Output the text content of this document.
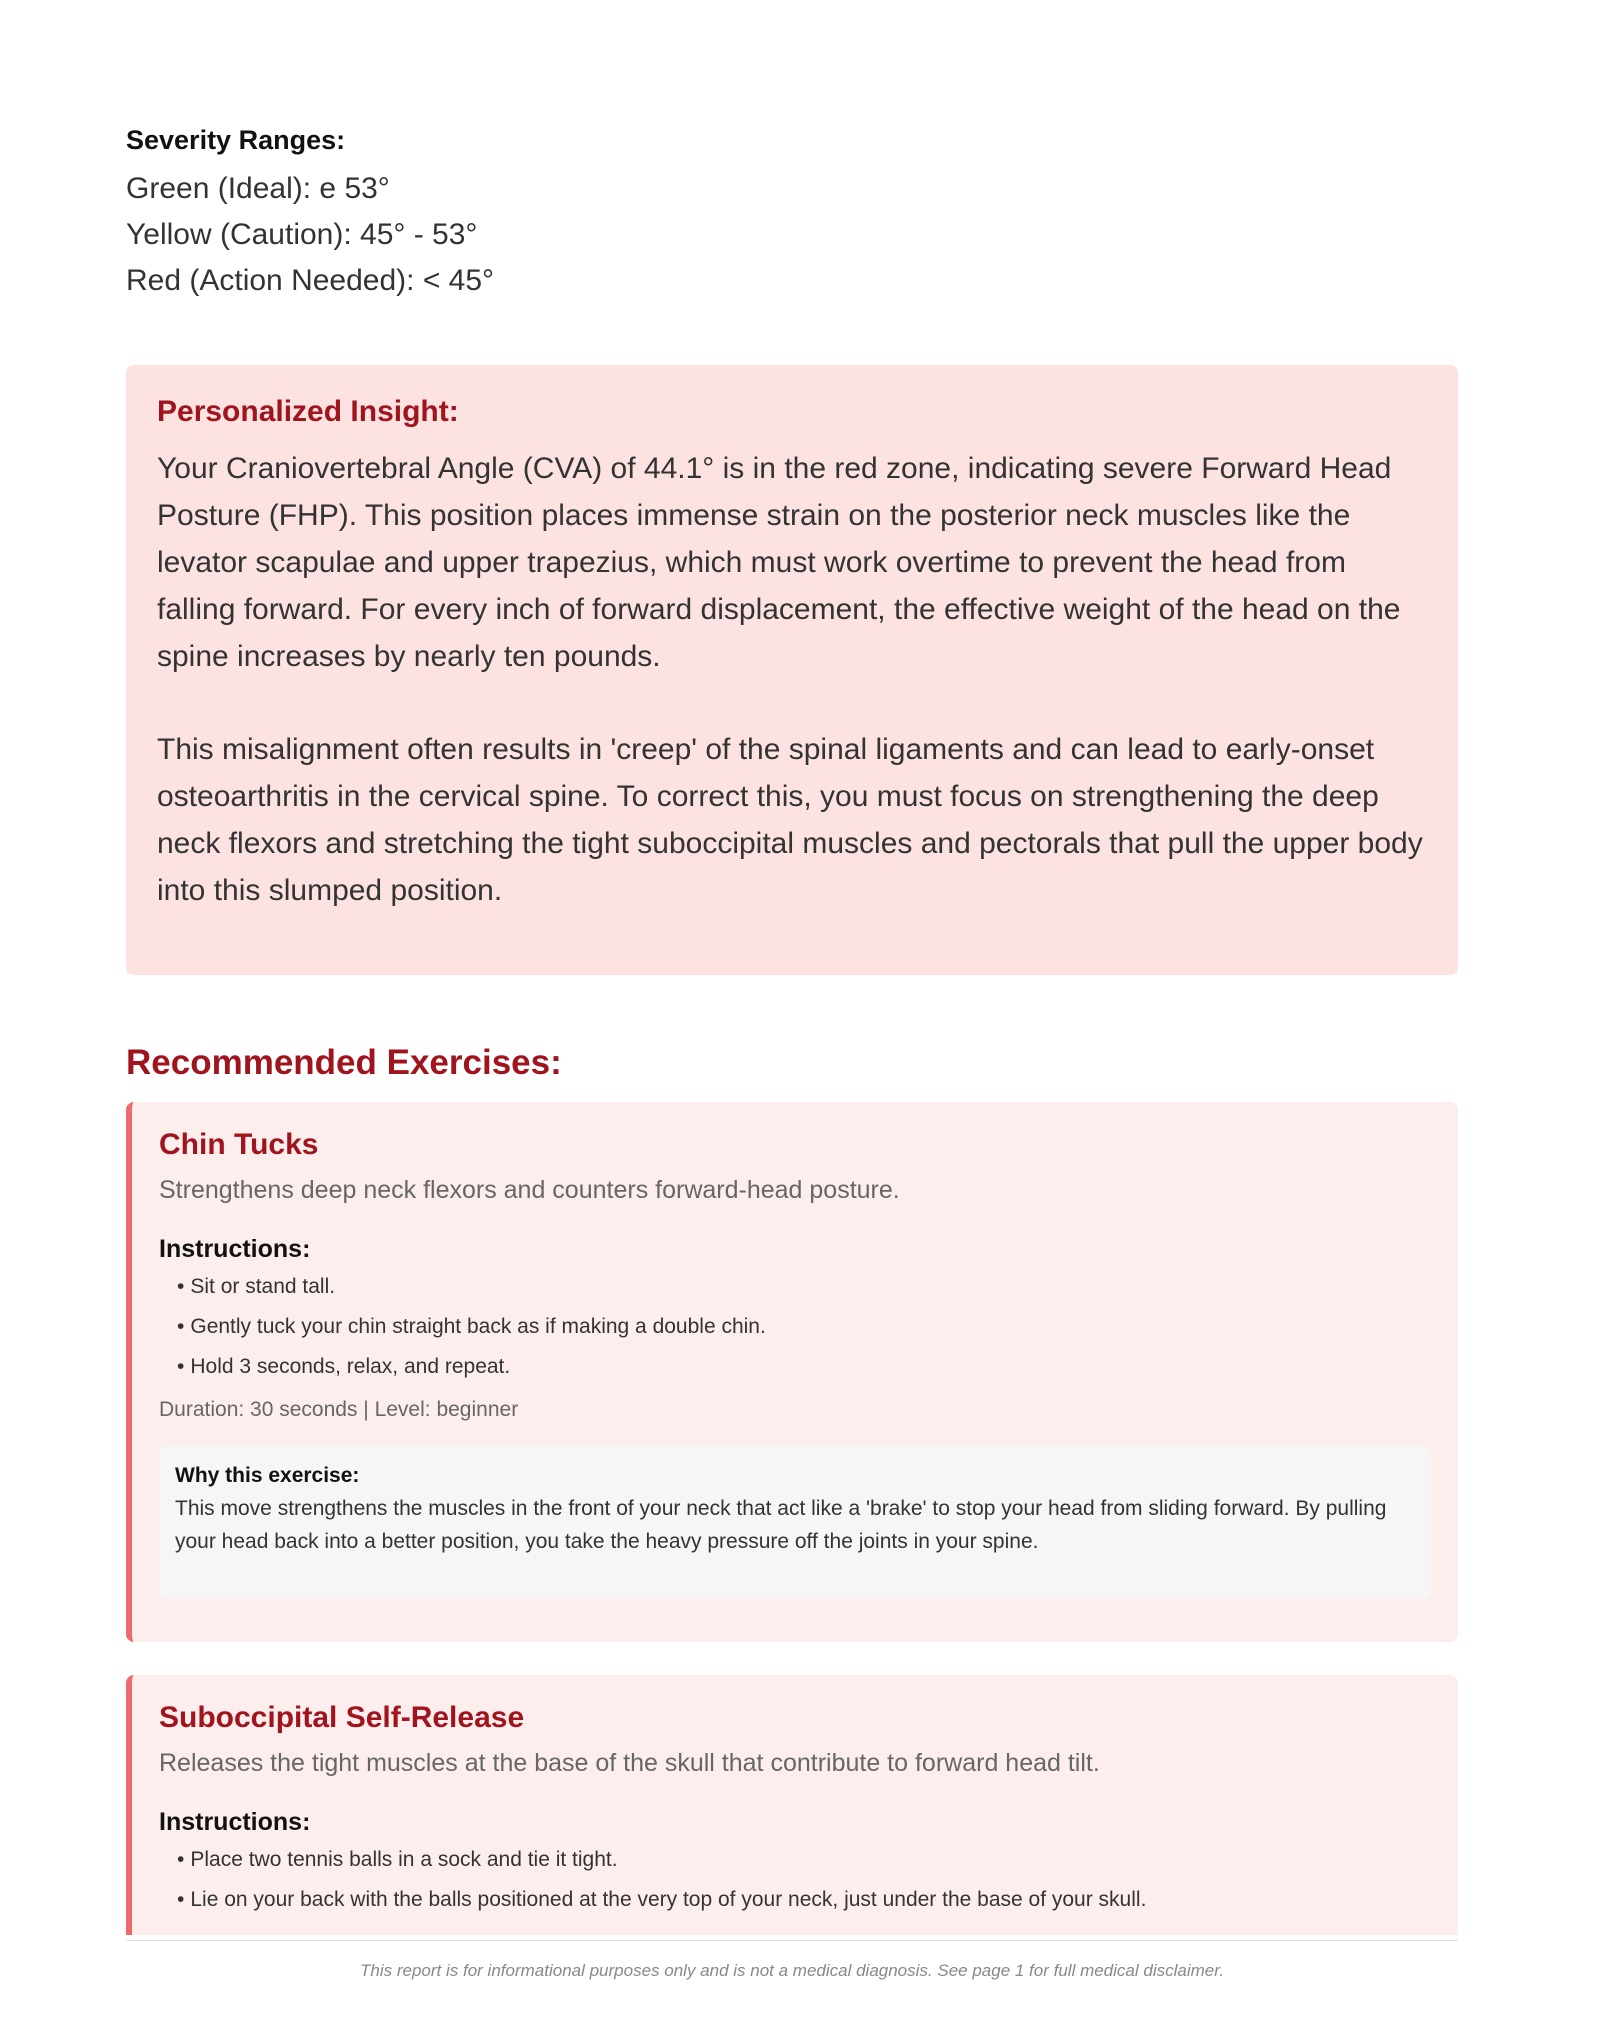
Severity Ranges:
Green (Ideal): e 53°
Yellow (Caution): 45° - 53°
Red (Action Needed): < 45°
Personalized Insight:

Your Craniovertebral Angle (CVA) of 44.1° is in the red zone, indicating severe Forward Head Posture (FHP). This position places immense strain on the posterior neck muscles like the levator scapulae and upper trapezius, which must work overtime to prevent the head from falling forward. For every inch of forward displacement, the effective weight of the head on the spine increases by nearly ten pounds.

This misalignment often results in 'creep' of the spinal ligaments and can lead to early-onset osteoarthritis in the cervical spine. To correct this, you must focus on strengthening the deep neck flexors and stretching the tight suboccipital muscles and pectorals that pull the upper body into this slumped position.

Recommended Exercises:
Chin Tucks
Strengthens deep neck flexors and counters forward-head posture.
Instructions:
• Sit or stand tall.
• Gently tuck your chin straight back as if making a double chin.
• Hold 3 seconds, relax, and repeat.
Duration: 30 seconds | Level: beginner
Why this exercise:

This move strengthens the muscles in the front of your neck that act like a 'brake' to stop your head from sliding forward. By pulling your head back into a better position, you take the heavy pressure off the joints in your spine.

Suboccipital Self-Release
Releases the tight muscles at the base of the skull that contribute to forward head tilt.
Instructions:
• Place two tennis balls in a sock and tie it tight.
• Lie on your back with the balls positioned at the very top of your neck, just under the base of your skull.
This report is for informational purposes only and is not a medical diagnosis. See page 1 for full medical disclaimer.
